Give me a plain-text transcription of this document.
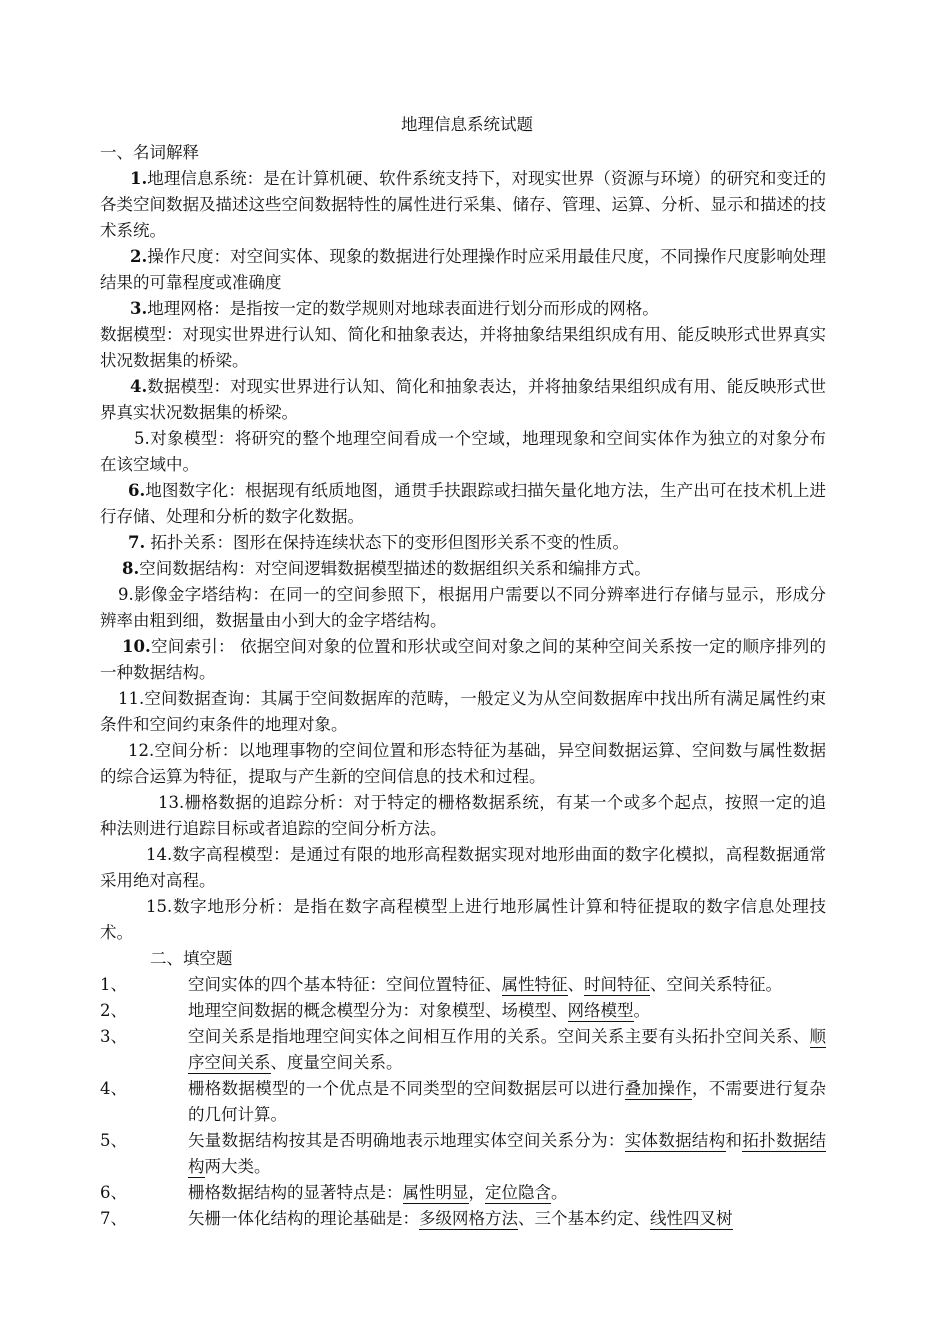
地理信息系统试题
一、名词解释

1.地理信息系统：是在计算机硬、软件系统支持下，对现实世界（资源与环境）的研究和变迁的各类空间数据及描述这些空间数据特性的属性进行采集、储存、管理、运算、分析、显示和描述的技术系统。

2.操作尺度：对空间实体、现象的数据进行处理操作时应采用最佳尺度，不同操作尺度影响处理结果的可靠程度或准确度

3.地理网格：是指按一定的数学规则对地球表面进行划分而形成的网格。

数据模型：对现实世界进行认知、简化和抽象表达，并将抽象结果组织成有用、能反映形式世界真实状况数据集的桥梁。

4.数据模型：对现实世界进行认知、简化和抽象表达，并将抽象结果组织成有用、能反映形式世界真实状况数据集的桥梁。

5.对象模型：将研究的整个地理空间看成一个空域，地理现象和空间实体作为独立的对象分布在该空域中。

6.地图数字化：根据现有纸质地图，通贯手扶跟踪或扫描矢量化地方法，生产出可在技术机上进行存储、处理和分析的数字化数据。

7. 拓扑关系：图形在保持连续状态下的变形但图形关系不变的性质。

8.空间数据结构：对空间逻辑数据模型描述的数据组织关系和编排方式。

9.影像金字塔结构：在同一的空间参照下，根据用户需要以不同分辨率进行存储与显示，形成分辨率由粗到细，数据量由小到大的金字塔结构。

10.空间索引： 依据空间对象的位置和形状或空间对象之间的某种空间关系按一定的顺序排列的一种数据结构。

11.空间数据查询：其属于空间数据库的范畴，一般定义为从空间数据库中找出所有满足属性约束条件和空间约束条件的地理对象。

12.空间分析：以地理事物的空间位置和形态特征为基础，异空间数据运算、空间数与属性数据的综合运算为特征，提取与产生新的空间信息的技术和过程。

13.栅格数据的追踪分析：对于特定的栅格数据系统，有某一个或多个起点，按照一定的追种法则进行追踪目标或者追踪的空间分析方法。

14.数字高程模型：是通过有限的地形高程数据实现对地形曲面的数字化模拟，高程数据通常采用绝对高程。

15.数字地形分析：是指在数字高程模型上进行地形属性计算和特征提取的数字信息处理技术。

二、填空题
1、	空间实体的四个基本特征：空间位置特征、属性特征、时间特征、空间关系特征。
2、	地理空间数据的概念模型分为：对象模型、场模型、网络模型。
3、	空间关系是指地理空间实体之间相互作用的关系。空间关系主要有头拓扑空间关系、顺序空间关系、度量空间关系。
4、	栅格数据模型的一个优点是不同类型的空间数据层可以进行叠加操作，不需要进行复杂的几何计算。
5、	矢量数据结构按其是否明确地表示地理实体空间关系分为：实体数据结构和拓扑数据结构两大类。
6、	栅格数据结构的显著特点是：属性明显，定位隐含。
7、	矢栅一体化结构的理论基础是：多级网格方法、三个基本约定、线性四叉树
